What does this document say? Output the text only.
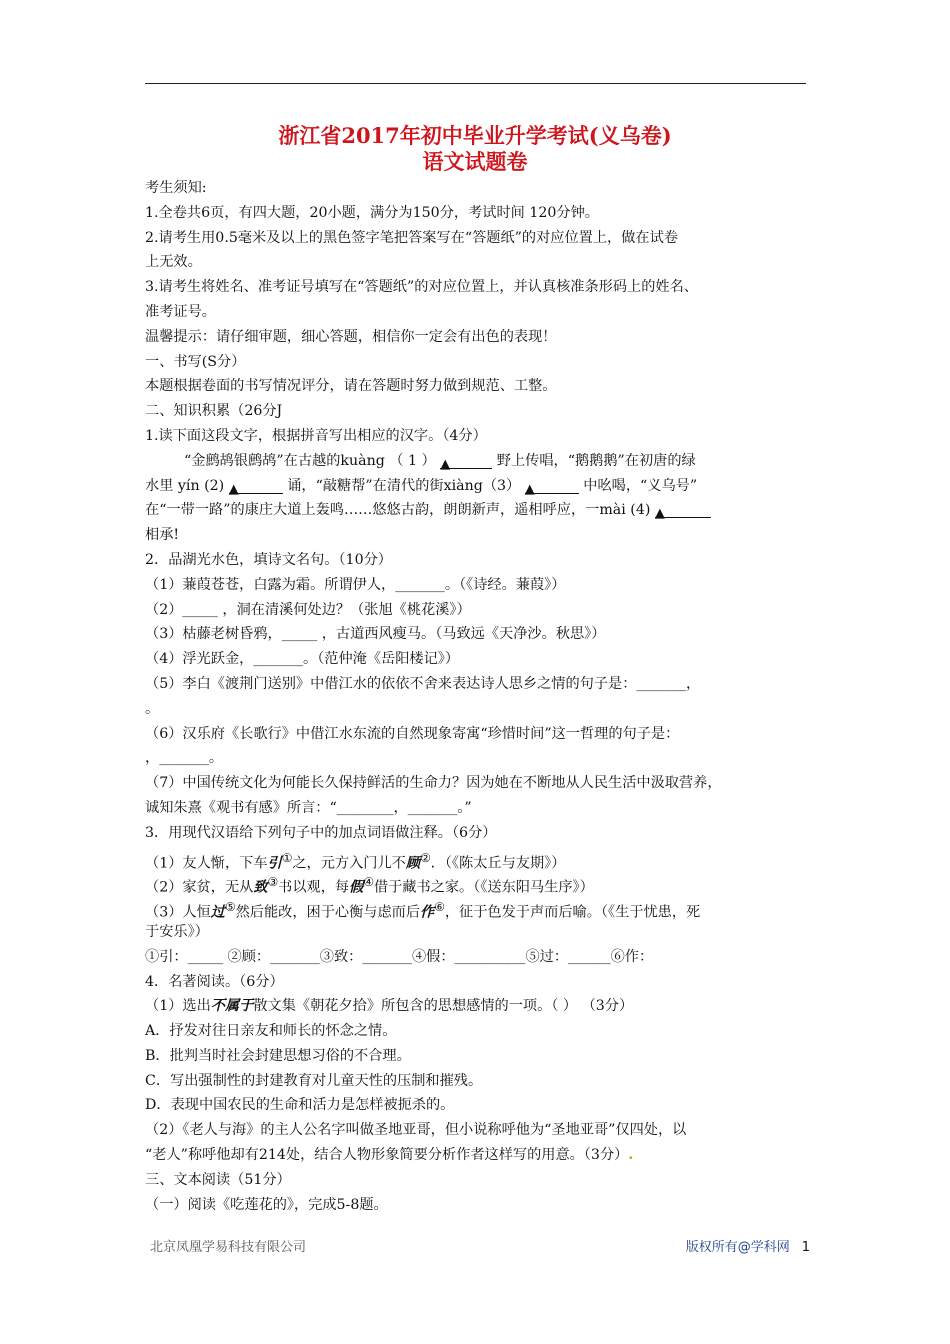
浙江省2017年初中毕业升学考试(义乌卷)
语文试题卷
考生须知:
1.全卷共6页，有四大题，20小题，满分为150分，考试时间 120分钟。
2.请考生用0.5毫米及以上的黑色签字笔把答案写在“答题纸”的对应位置上，做在试卷
上无效。
3.请考生将姓名、准考证号填写在“答题纸”的对应位置上，并认真核准条形码上的姓名、
准考证号。
温馨提示：请仔细审题，细心答题，相信你一定会有出色的表现！
一、书写(S分）
本题根据卷面的书写情况评分，请在答题时努力做到规范、工整。
二、知识积累（26分J
1.读下面这段文字，根据拼音写出相应的汉字。（4分）
“金鹧鸪银鹧鸪”在古越的kuàng （ 1 ） ▲	野上传唱，“鹅鹅鹅”在初唐的绿
水里 yín (2) ▲	诵，“敲糖帮”在清代的街xiàng（3） ▲	中吆喝，“义乌号”
在“一带一路”的康庄大道上轰鸣……悠悠古韵，朗朗新声，遥相呼应，一mài (4) ▲
相承!
2．品湖光水色，填诗文名句。（10分）
（1）蒹葭苍苍，白露为霜。所谓伊人，_______。（《诗经。蒹葭》）
（2）_____ ，洞在清溪何处边？（张旭《桃花溪》）
（3）枯藤老树昏鸦，_____ ，古道西风瘦马。（马致远《天净沙。秋思》）
（4）浮光跃金，_______。（范仲淹《岳阳楼记》）
（5）李白《渡荆门送别》中借江水的依依不舍来表达诗人思乡之情的句子是：_______，
。
（6）汉乐府《长歌行》中借江水东流的自然现象寄寓“珍惜时间”这一哲理的句子是：
，_______。
（7）中国传统文化为何能长久保持鲜活的生命力？因为她在不断地从人民生活中汲取营养，
诚知朱熹《观书有感》所言：“________，_______。”
3．用现代汉语给下列句子中的加点词语做注释。（6分）
（1）友人惭，下车引①之，元方入门儿不顾②．（《陈太丘与友期》）
（2）家贫，无从致③书以观，每假④借于藏书之家。（《送东阳马生序》）
（3）人恒过⑤然后能改，困于心衡与虑而后作⑥，征于色发于声而后喻。（《生于忧患，死
于安乐》）
①引：_____ ②顾：_______③致：_______④假：__________⑤过：______⑥作：
4．名著阅读。（6分）
（1）选出不属于散文集《朝花夕拾》所包含的思想感情的一项。（ ） （3分）
A．抒发对往日亲友和师长的怀念之情。
B．批判当时社会封建思想习俗的不合理。
C．写出强制性的封建教育对儿童天性的压制和摧残。
D．表现中国农民的生命和活力是怎样被扼杀的。
（2）《老人与海》的主人公名字叫做圣地亚哥，但小说称呼他为“圣地亚哥”仅四处，以
“老人”称呼他却有214处，结合人物形象简要分析作者这样写的用意。（3分）.
三、文本阅读（51分）
（一）阅读《吃莲花的》，完成5-8题。
北京凤凰学易科技有限公司	版权所有@学科网 1
